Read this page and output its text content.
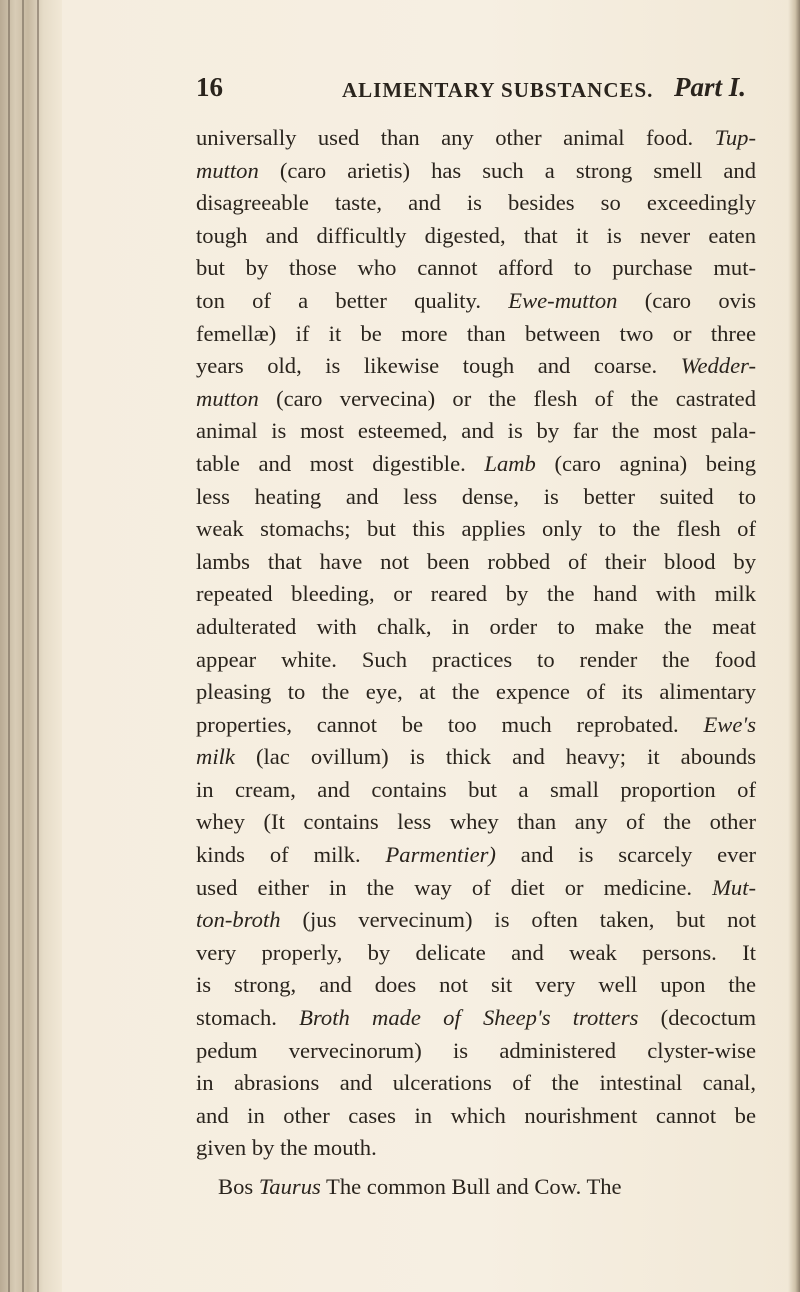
16	ALIMENTARY SUBSTANCES. Part I.
universally used than any other animal food. Tup-
mutton (caro arietis) has such a strong smell and
disagreeable taste, and is besides so exceedingly
tough and difficultly digested, that it is never eaten
but by those who cannot afford to purchase mut-
ton of a better quality. Ewe-mutton (caro ovis
femellæ) if it be more than between two or three
years old, is likewise tough and coarse. Wedder-
mutton (caro vervecina) or the flesh of the castrated
animal is most esteemed, and is by far the most pala-
table and most digestible. Lamb (caro agnina) being
less heating and less dense, is better suited to
weak stomachs; but this applies only to the flesh of
lambs that have not been robbed of their blood by
repeated bleeding, or reared by the hand with milk
adulterated with chalk, in order to make the meat
appear white. Such practices to render the food
pleasing to the eye, at the expence of its alimentary
properties, cannot be too much reprobated. Ewe's
milk (lac ovillum) is thick and heavy; it abounds
in cream, and contains but a small proportion of
whey (It contains less whey than any of the other
kinds of milk. Parmentier) and is scarcely ever
used either in the way of diet or medicine. Mut-
ton-broth (jus vervecinum) is often taken, but not
very properly, by delicate and weak persons. It
is strong, and does not sit very well upon the
stomach. Broth made of Sheep's trotters (decoctum
pedum vervecinorum) is administered clyster-wise
in abrasions and ulcerations of the intestinal canal,
and in other cases in which nourishment cannot be
given by the mouth.
Bos Taurus The common Bull and Cow. The
